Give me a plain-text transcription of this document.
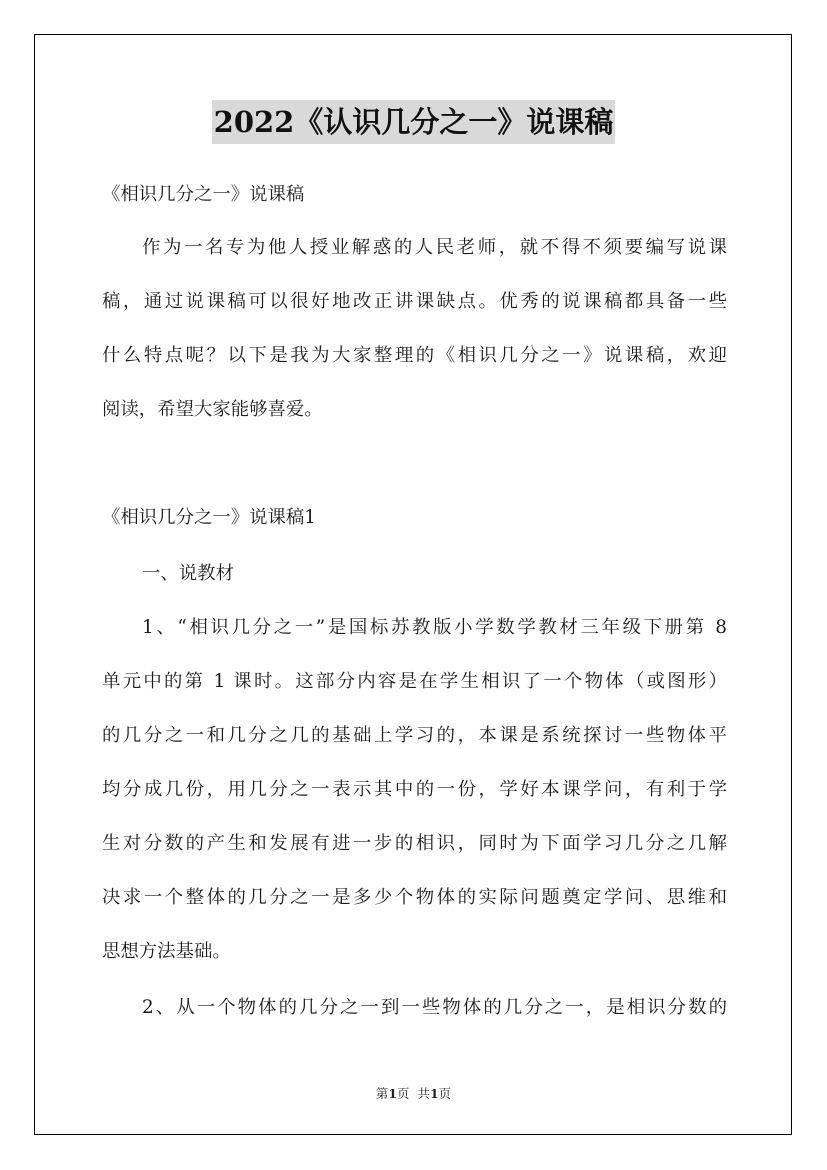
2022《认识几分之一》说课稿
《相识几分之一》说课稿
作为一名专为他人授业解惑的人民老师，就不得不须要编写说课
稿，通过说课稿可以很好地改正讲课缺点。优秀的说课稿都具备一些
什么特点呢？以下是我为大家整理的《相识几分之一》说课稿，欢迎
阅读，希望大家能够喜爱。
《相识几分之一》说课稿1
一、说教材
1、“相识几分之一”是国标苏教版小学数学教材三年级下册第 8
单元中的第 1 课时。这部分内容是在学生相识了一个物体（或图形）
的几分之一和几分之几的基础上学习的，本课是系统探讨一些物体平
均分成几份，用几分之一表示其中的一份，学好本课学问，有利于学
生对分数的产生和发展有进一步的相识，同时为下面学习几分之几解
决求一个整体的几分之一是多少个物体的实际问题奠定学问、思维和
思想方法基础。
2、从一个物体的几分之一到一些物体的几分之一，是相识分数的
第1页  共1页
